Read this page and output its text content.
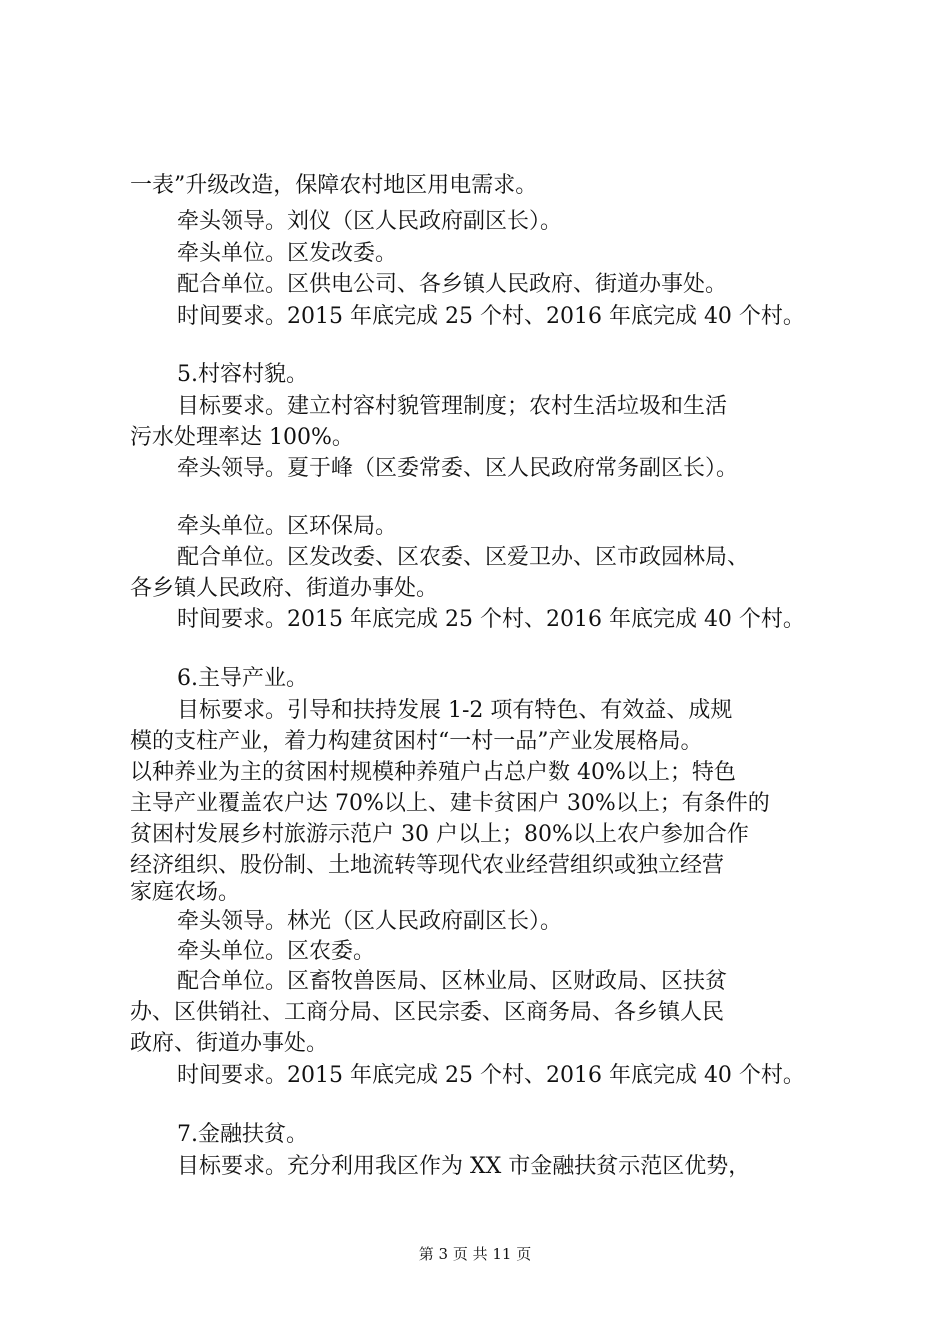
一表”升级改造，保障农村地区用电需求。
牵头领导。刘仪（区人民政府副区长）。
牵头单位。区发改委。
配合单位。区供电公司、各乡镇人民政府、街道办事处。
时间要求。2015 年底完成 25 个村、2016 年底完成 40 个村。
5.村容村貌。
目标要求。建立村容村貌管理制度；农村生活垃圾和生活
污水处理率达 100%。
牵头领导。夏于峰（区委常委、区人民政府常务副区长）。
牵头单位。区环保局。
配合单位。区发改委、区农委、区爱卫办、区市政园林局、
各乡镇人民政府、街道办事处。
时间要求。2015 年底完成 25 个村、2016 年底完成 40 个村。
6.主导产业。
目标要求。引导和扶持发展 1-2 项有特色、有效益、成规
模的支柱产业，着力构建贫困村“一村一品”产业发展格局。
以种养业为主的贫困村规模种养殖户占总户数 40%以上；特色
主导产业覆盖农户达 70%以上、建卡贫困户 30%以上；有条件的
贫困村发展乡村旅游示范户 30 户以上；80%以上农户参加合作
经济组织、股份制、土地流转等现代农业经营组织或独立经营
家庭农场。
牵头领导。林光（区人民政府副区长）。
牵头单位。区农委。
配合单位。区畜牧兽医局、区林业局、区财政局、区扶贫
办、区供销社、工商分局、区民宗委、区商务局、各乡镇人民
政府、街道办事处。
时间要求。2015 年底完成 25 个村、2016 年底完成 40 个村。
7.金融扶贫。
目标要求。充分利用我区作为 XX 市金融扶贫示范区优势，
第 3 页 共 11 页
